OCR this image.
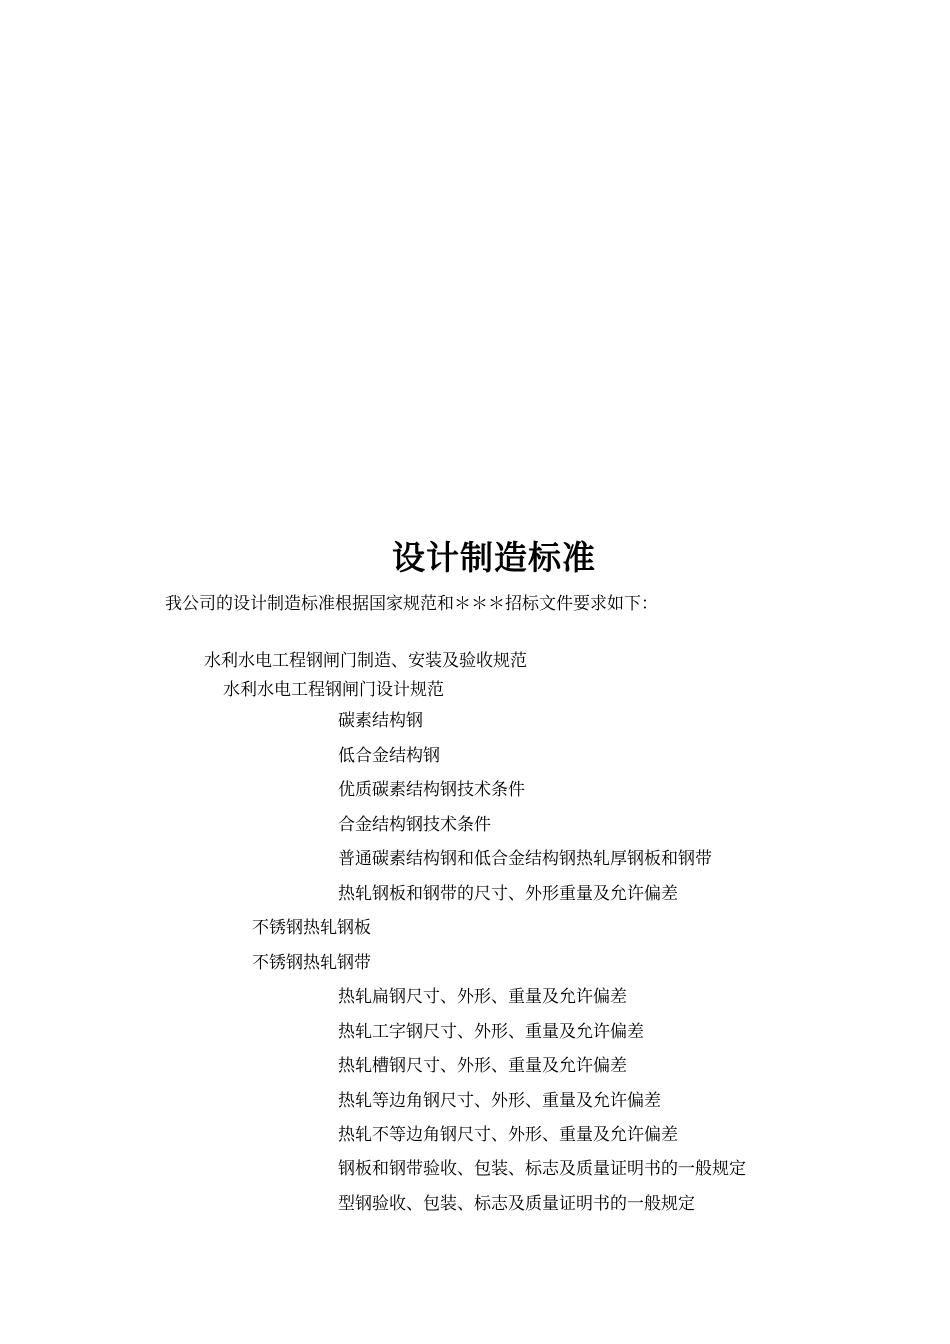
设计制造标准
我公司的设计制造标准根据国家规范和＊＊＊招标文件要求如下：
水利水电工程钢闸门制造、安装及验收规范
水利水电工程钢闸门设计规范
碳素结构钢
低合金结构钢
优质碳素结构钢技术条件
合金结构钢技术条件
普通碳素结构钢和低合金结构钢热轧厚钢板和钢带
热轧钢板和钢带的尺寸、外形重量及允许偏差
不锈钢热轧钢板
不锈钢热轧钢带
热轧扁钢尺寸、外形、重量及允许偏差
热轧工字钢尺寸、外形、重量及允许偏差
热轧槽钢尺寸、外形、重量及允许偏差
热轧等边角钢尺寸、外形、重量及允许偏差
热轧不等边角钢尺寸、外形、重量及允许偏差
钢板和钢带验收、包装、标志及质量证明书的一般规定
型钢验收、包装、标志及质量证明书的一般规定
